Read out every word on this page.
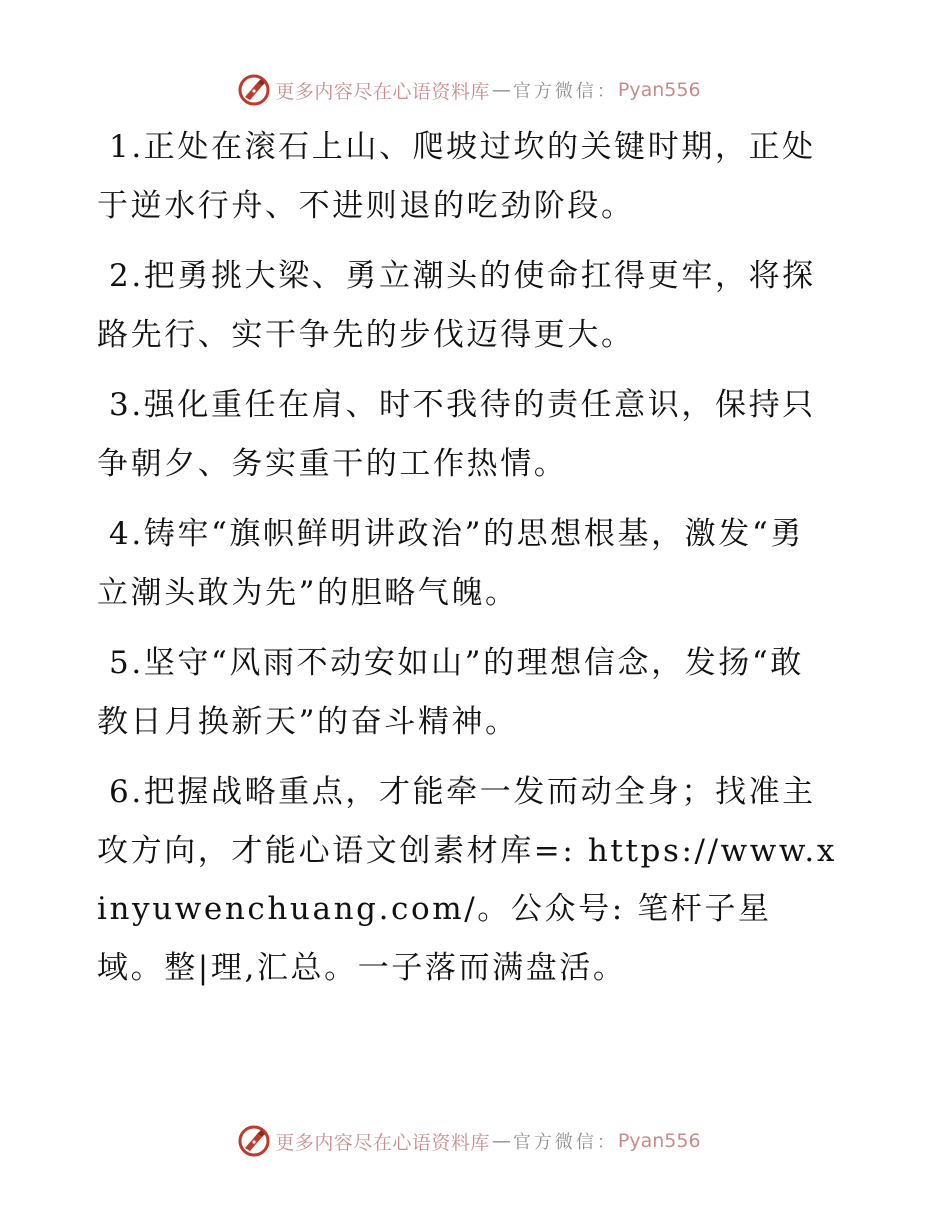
更多内容尽在心语资料库 — 官方微信： Pyan556

1.正处在滚石上山、爬坡过坎的关键时期，正处于逆水行舟、不进则退的吃劲阶段。

2.把勇挑大梁、勇立潮头的使命扛得更牢，将探路先行、实干争先的步伐迈得更大。

3.强化重任在肩、时不我待的责任意识，保持只争朝夕、务实重干的工作热情。

4.铸牢“旗帜鲜明讲政治”的思想根基，激发“勇立潮头敢为先”的胆略气魄。

5.坚守“风雨不动安如山”的理想信念，发扬“敢教日月换新天”的奋斗精神。

6.把握战略重点，才能牵一发而动全身；找准主攻方向，才能心语文创素材库=: https://www.xinyuwenchuang.com/。公众号: 笔杆子星域。整|理,汇总。一子落而满盘活。

更多内容尽在心语资料库 — 官方微信： Pyan556
